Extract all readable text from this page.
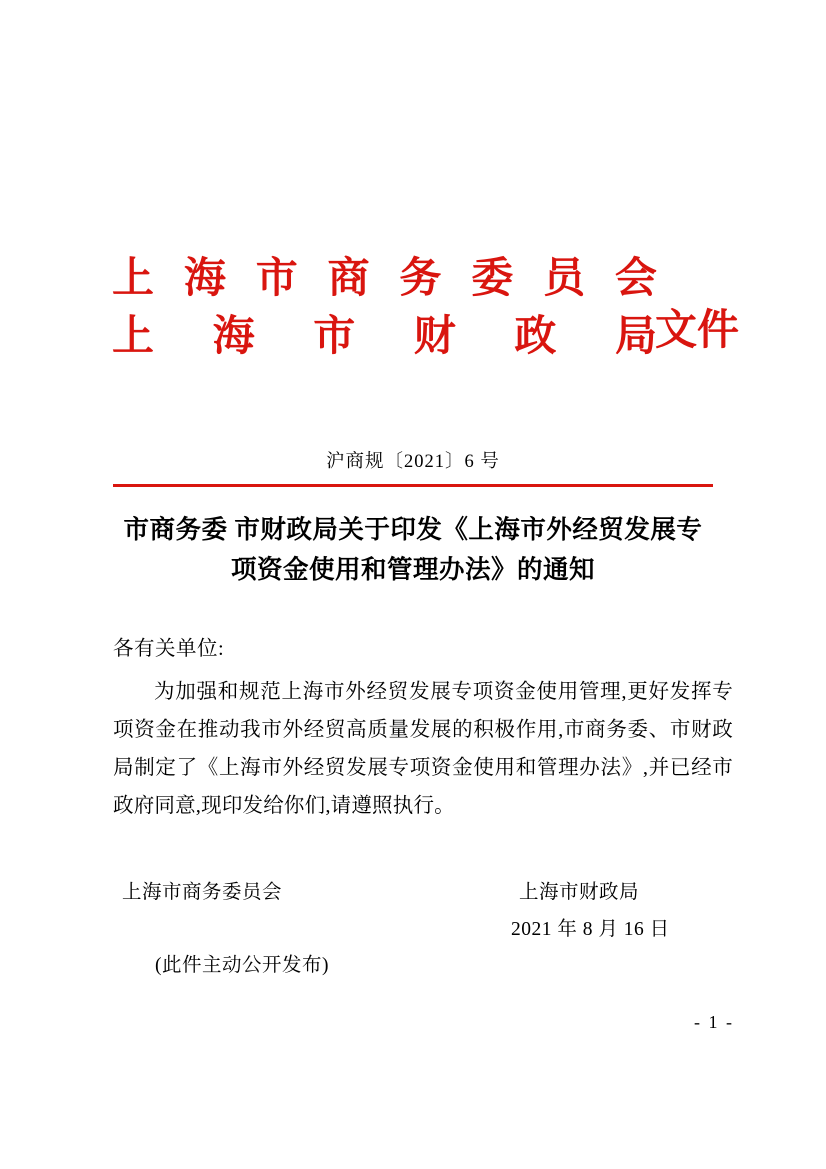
上 海 市 商 务 委 员 会
上 海 市 财 政 局
文件
沪商规〔2021〕6 号
市商务委 市财政局关于印发《上海市外经贸发展专项资金使用和管理办法》的通知
各有关单位:
为加强和规范上海市外经贸发展专项资金使用管理,更好发挥专项资金在推动我市外经贸高质量发展的积极作用,市商务委、市财政局制定了《上海市外经贸发展专项资金使用和管理办法》,并已经市政府同意,现印发给你们,请遵照执行。
上海市商务委员会	上海市财政局
2021 年 8 月 16 日
(此件主动公开发布)
- 1 -
